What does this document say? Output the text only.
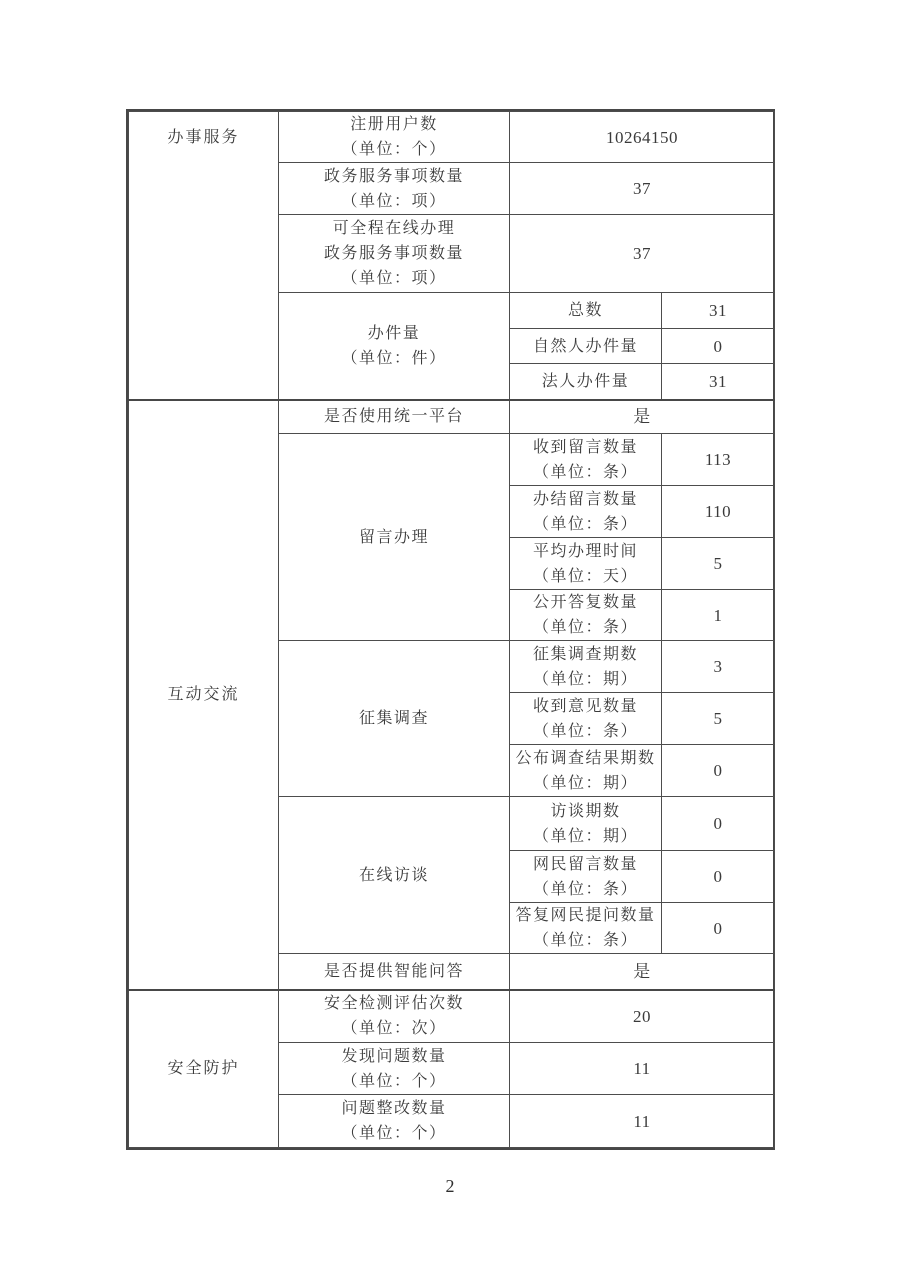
办事服务	注册用户数
（单位：个）	10264150	

	政务服务事项数量
（单位：项）	37	

	可全程在线办理
政务服务事项数量
（单位：项）	37	

	办件量
（单位：件）	总数	31
		自然人办件量	0
		法人办件量	31
互动交流	是否使用统一平台	是	
	留言办理	收到留言数量
（单位：条）	113

		办结留言数量
（单位：条）	110

		平均办理时间
（单位：天）	5

		公开答复数量
（单位：条）	1
	征集调查	征集调查期数
（单位：期）	3

		收到意见数量
（单位：条）	5

		公布调查结果期数
（单位：期）	0
	在线访谈	访谈期数
（单位：期）	0

		网民留言数量
（单位：条）	0

		答复网民提问数量
（单位：条）	0
	是否提供智能问答	是	
安全防护	安全检测评估次数
（单位：次）	20	

	发现问题数量
（单位：个）	11	

	问题整改数量
（单位：个）	11	
2
